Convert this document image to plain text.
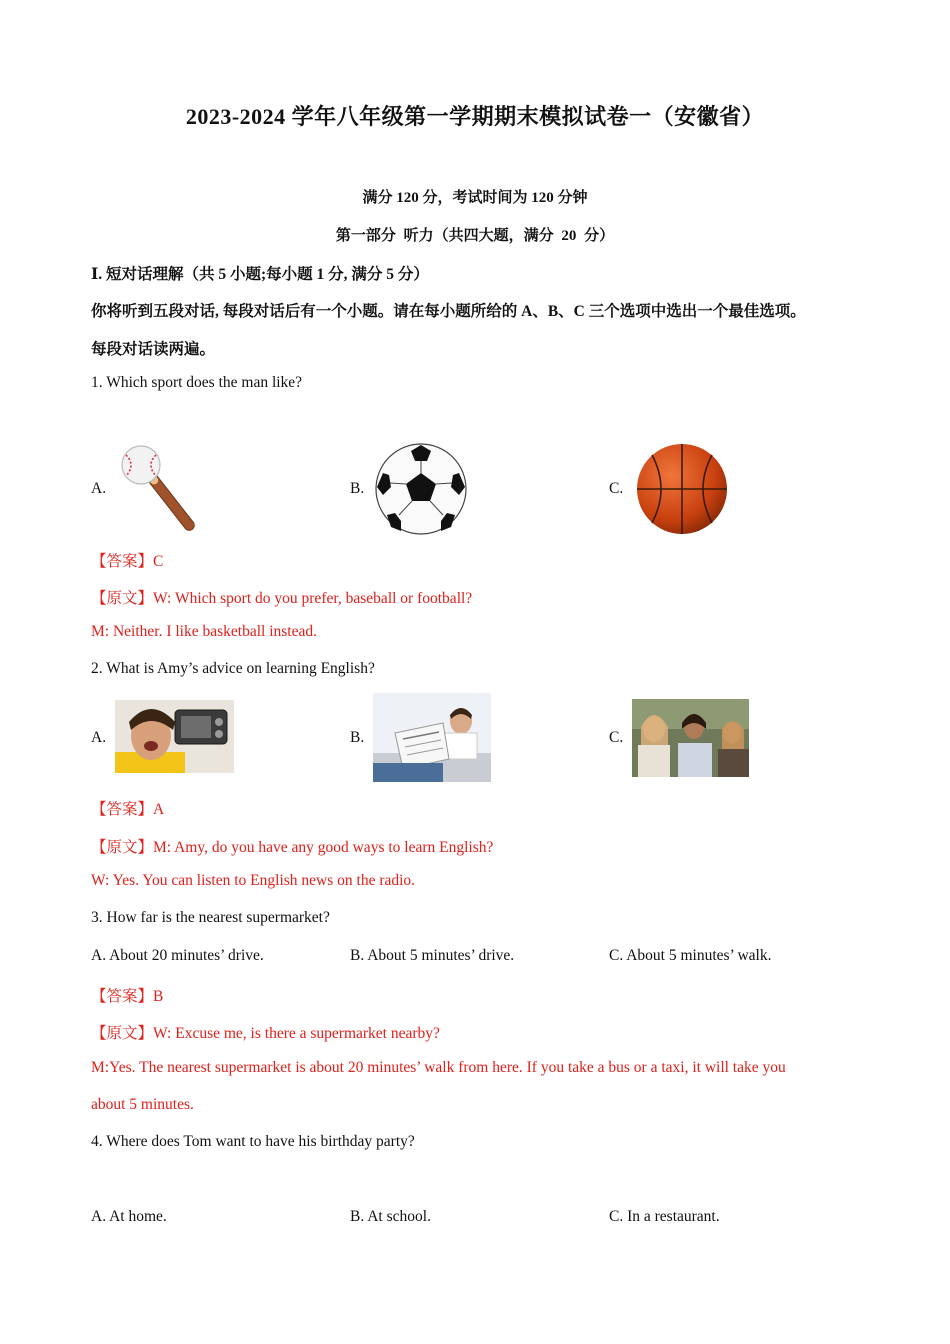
2023-2024 学年八年级第一学期期末模拟试卷一（安徽省）
满分 120 分，考试时间为 120 分钟
第一部分 听力（共四大题，满分 20 分）
Ⅰ. 短对话理解（共 5 小题;每小题 1 分, 满分 5 分）
你将听到五段对话, 每段对话后有一个小题。请在每小题所给的 A、B、C 三个选项中选出一个最佳选项。
每段对话读两遍。
1. Which sport does the man like?
A.	B.	C.
【答案】C
【原文】W: Which sport do you prefer, baseball or football?
M: Neither. I like basketball instead.
2. What is Amy’s advice on learning English?
A.	B.	C.
【答案】A
【原文】M: Amy, do you have any good ways to learn English?
W: Yes. You can listen to English news on the radio.
3. How far is the nearest supermarket?
A. About 20 minutes’ drive.	B. About 5 minutes’ drive.	C. About 5 minutes’ walk.
【答案】B
【原文】W: Excuse me, is there a supermarket nearby?
M:Yes. The nearest supermarket is about 20 minutes’ walk from here. If you take a bus or a taxi, it will take you
about 5 minutes.
4. Where does Tom want to have his birthday party?
A. At home.	B. At school.	C. In a restaurant.
